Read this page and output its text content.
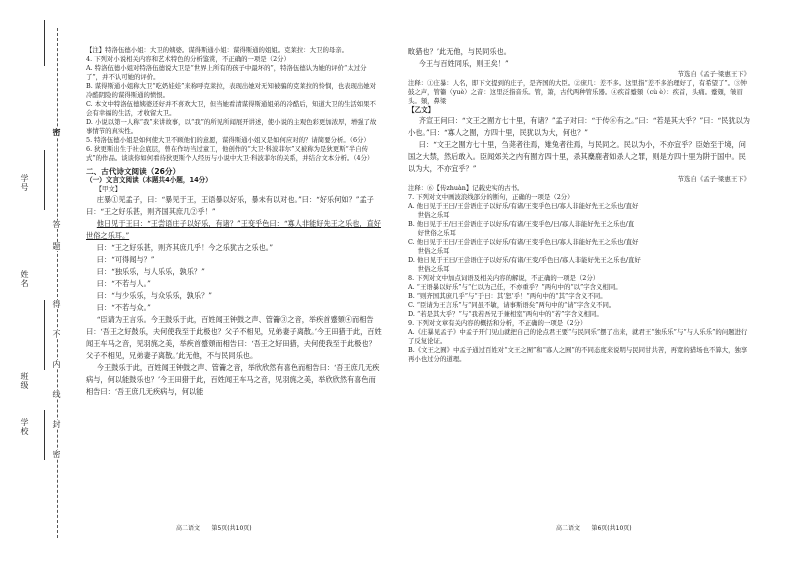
学号
姓名
班级
学校
密
题
答
得
不
内
线
封
密

【注】特洛伍德小姐：大卫的姨婆。谋得斯通小姐：谋得斯通的姐姐。克莱拉：大卫的母亲。

4. 下列对小说相关内容和艺术特色的分析鉴赏，不正确的一项是（2分）

A. 特洛伍德小姐对特洛伍德说大卫是“世界上所有的孩子中最坏的”，特洛伍德认为她的评价“太过分了”，并不认可她的评价。

B. 谋得斯通小姐称大卫“吃奶娃娃”来称呼克莱拉，表现出她对无知被骗的克莱拉的怜悯，也表现出她对冷酷阴险的谋得斯通的愤恨。

C. 本文中特洛伍德姨婆还好并不喜欢大卫，但当她看清谋得斯通姐弟的冷酷后，知道大卫的生活如果不会有幸福的生活，才收留大卫。

D. 小说以第一人称“我”来讲故事，以“我”的所见所闻展开讲述，使小说的主观色彩更加浓厚，增强了故事情节的真实性。

5. 特洛伍德小姐是如何使大卫不顾他们的意愿，谋得斯通小姐又是如何应对的？请简要分析。（6分）

6. 狄更斯出生于社会底层，曾在作坊当过童工，他创作的“大卫·科波菲尔”又被称为是狄更斯“半自传式”的作品。谈谈你如何看待狄更斯个人经历与小说中大卫·科波菲尔的关系，并结合文本分析。（4分）

二、古代诗文阅读（26分）

（一）文言文阅读（本题共4小题，14分）

【甲文】

庄暴①见孟子，曰：“暴见于王，王语暴以好乐，暴未有以对也。”曰：“好乐何如？”孟子曰：“王之好乐甚，则齐国其庶几②乎！”

他日见于王曰：“王尝语庄子以好乐，有诸？”王变乎色曰：“寡人非能好先王之乐也，直好世俗之乐耳。”

曰：“王之好乐甚，则齐其庶几乎！今之乐犹古之乐也。”

曰：“可得闻与？”

曰：“独乐乐，与人乐乐，孰乐？”

曰：“不若与人。”

曰：“与少乐乐，与众乐乐，孰乐？”

曰：“不若与众。”

“臣请为王言乐。今王鼓乐于此，百姓闻王钟鼓之声、管籥③之音，举疾首蹙頞④而相告曰：‘吾王之好鼓乐，夫何使我至于此极也？父子不相见，兄弟妻子离散。’今王田猎于此，百姓闻王车马之音，见羽旄之美，举疾首蹙頞而相告曰：‘吾王之好田猎，夫何使我至于此极也？父子不相见，兄弟妻子离散。’此无他，不与民同乐也。

今王鼓乐于此，百姓闻王钟鼓之声、管籥之音，举欣欣然有喜色而相告曰：‘吾王庶几无疾病与，何以能鼓乐也？’今王田猎于此，百姓闻王车马之音，见羽旄之美，举欣欣然有喜色而相告曰：‘吾王庶几无疾病与，何以能

畋猎也？’此无他，与民同乐也。

今王与百姓同乐，则王矣！”

节选自《孟子·梁惠王下》

注释：①庄暴：人名，即下文提到的庄子，是齐国的大臣。②庶几：差不多。这里指“差不多治理好了，有希望了”。③钟鼓之声，管籥（yuè）之音：这里泛指音乐。管，箫，古代两种管乐器。④疾首蹙頞（cù è）：疾首，头痛。蹙頞，皱眉头。頞，鼻梁

【乙文】

齐宣王问曰：“文王之囿方七十里，有诸？”孟子对曰：“于传⑥有之。”曰：“若是其大乎？”曰：“民犹以为小也。”曰：“寡人之囿，方四十里，民犹以为大，何也？”

曰：“文王之囿方七十里，刍荛者往焉，雉兔者往焉，与民同之。民以为小，不亦宜乎？臣始至于境，问国之大禁，然后敢入。臣闻郊关之内有囿方四十里，杀其麋鹿者如杀人之罪，则是方四十里为阱于国中。民以为大，不亦宜乎？”

节选自《孟子·梁惠王下》

注释：⑥【传zhuàn】记载史实的古书。

7. 下列对文中画波浪线部分的断句，正确的一项是（2分）

A. 他日见于王曰/王尝语庄子以好乐/有诸/王变乎色曰/寡人非能好先王之乐也/直好

世俗之乐耳

B. 他日见于王/曰王尝语庄子以好乐/有诸/王变乎色/曰/寡人非能好先王之乐也/直

好世俗之乐耳

C. 他日见于王曰/王尝语庄子以好乐/有诸/王变乎色曰/寡人非能好先王之乐也/直好

世俗之乐耳

D. 他日见于王曰/王尝语庄子以好乐/有诸/王变/乎色曰/寡人非能好先王之乐也/直好

世俗之乐耳

8. 下列对文中加点词语及相关内容的解说，不正确的一项是（2分）

A. “王语暴以好乐”与“仁以为己任，不亦重乎？”两句中的“以”字含义相同。

B. “则齐国其庶几乎”与“于曰：其‘恕’乎！”两句中的“其”字含义不同。

C. “臣请为王言乐”与“同虽不敏，请事斯语矣”两句中的“请”字含义不同。

D. “若是其大乎？”与“我若吾兄于兼相室”两句中的“若”字含义相同。

9. 下列对文章有关内容的概括和分析，不正确的一项是（2分）

A.《庄暴见孟子》中孟子开门见山就把自己的论点君王要“与民同乐”摆了出来，就君王“独乐乐”与“与人乐乐”的问题进行了反复论证。

B.《文王之囿》中孟子通过百姓对“文王之囿”和“寡人之囿”的不同态度来说明与民同甘共苦，再宽的猎场也不算大，独享再小也过分的道理。

高二语文 第5页(共10页)	高二语文 第6页(共10页)
